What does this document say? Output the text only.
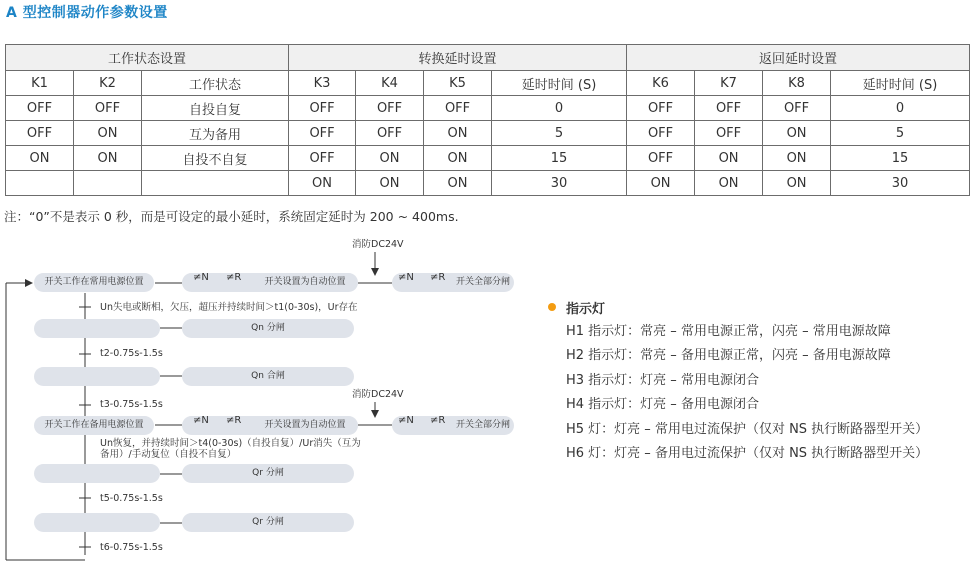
A 型控制器动作参数设置
工作状态设置			转换延时设置				返回延时设置			
K1	K2	工作状态	K3	K4	K5	延时时间 (S)	K6	K7	K8	延时时间 (S)
OFF	OFF	自投自复	OFF	OFF	OFF	0	OFF	OFF	OFF	0
OFF	ON	互为备用	OFF	OFF	ON	5	OFF	OFF	ON	5
ON	ON	自投不自复	OFF	ON	ON	15	OFF	ON	ON	15
			ON	ON	ON	30	ON	ON	ON	30
注：“0”不是表示 0 秒，而是可设定的最小延时，系统固定延时为 200 ~ 400ms.
消防DC24V
消防DC24V
开关工作在常用电源位置	开关设置为自动位置
≠N ≠R	开关全部分闸
≠N ≠R
Un失电或断相，欠压，超压并持续时间＞t1(0-30s)，Ur存在
Qn 分闸
t2-0.75s-1.5s
Qn 合闸
t3-0.75s-1.5s
开关工作在备用电源位置	开关设置为自动位置
≠N ≠R	开关全部分闸
≠N ≠R
Un恢复，并持续时间＞t4(0-30s)（自投自复）/Ur消失（互为
备用）/手动复位（自投不自复）
Qr 分闸
t5-0.75s-1.5s
Qr 分闸
t6-0.75s-1.5s
指示灯
H1 指示灯：常亮 – 常用电源正常，闪亮 – 常用电源故障
H2 指示灯：常亮 – 备用电源正常，闪亮 – 备用电源故障
H3 指示灯：灯亮 – 常用电源闭合
H4 指示灯：灯亮 – 备用电源闭合
H5 灯：灯亮 – 常用电过流保护（仅对 NS 执行断路器型开关）
H6 灯：灯亮 – 备用电过流保护（仅对 NS 执行断路器型开关）
